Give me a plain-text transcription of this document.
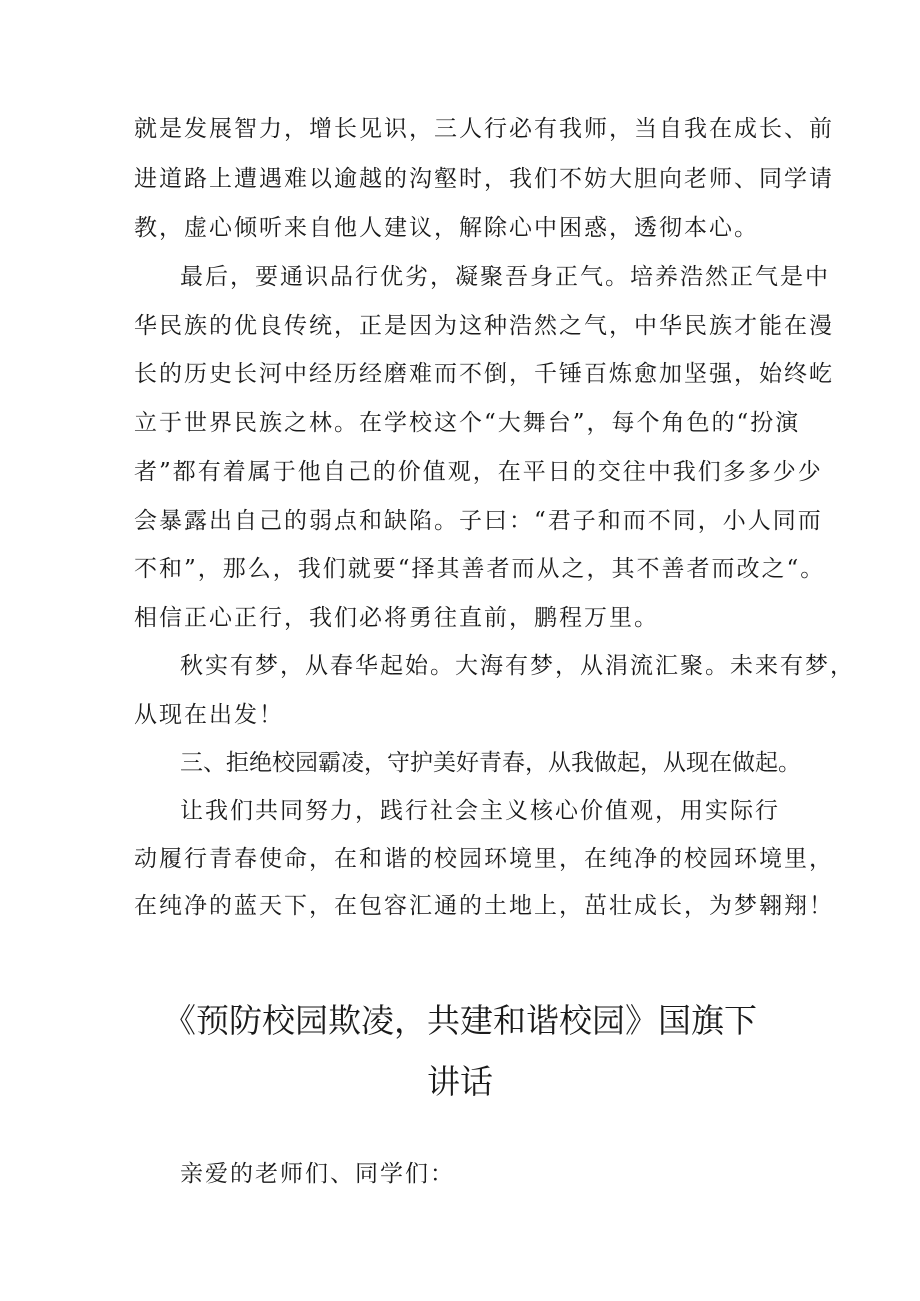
就是发展智力，增长见识，三人行必有我师，当自我在成长、前
进道路上遭遇难以逾越的沟壑时，我们不妨大胆向老师、同学请
教，虚心倾听来自他人建议，解除心中困惑，透彻本心。
最后，要通识品行优劣，凝聚吾身正气。培养浩然正气是中
华民族的优良传统，正是因为这种浩然之气，中华民族才能在漫
长的历史长河中经历经磨难而不倒，千锤百炼愈加坚强，始终屹
立于世界民族之林。在学校这个“大舞台”，每个角色的“扮演
者”都有着属于他自己的价值观，在平日的交往中我们多多少少
会暴露出自己的弱点和缺陷。子曰：“君子和而不同，小人同而
不和”，那么，我们就要“择其善者而从之，其不善者而改之“。
相信正心正行，我们必将勇往直前，鹏程万里。
秋实有梦，从春华起始。大海有梦，从涓流汇聚。未来有梦，
从现在出发！
三、拒绝校园霸凌，守护美好青春，从我做起，从现在做起。
让我们共同努力，践行社会主义核心价值观，用实际行
动履行青春使命，在和谐的校园环境里，在纯净的校园环境里，
在纯净的蓝天下，在包容汇通的土地上，茁壮成长，为梦翱翔！
《预防校园欺凌，共建和谐校园》国旗下
讲话
亲爱的老师们、同学们：
